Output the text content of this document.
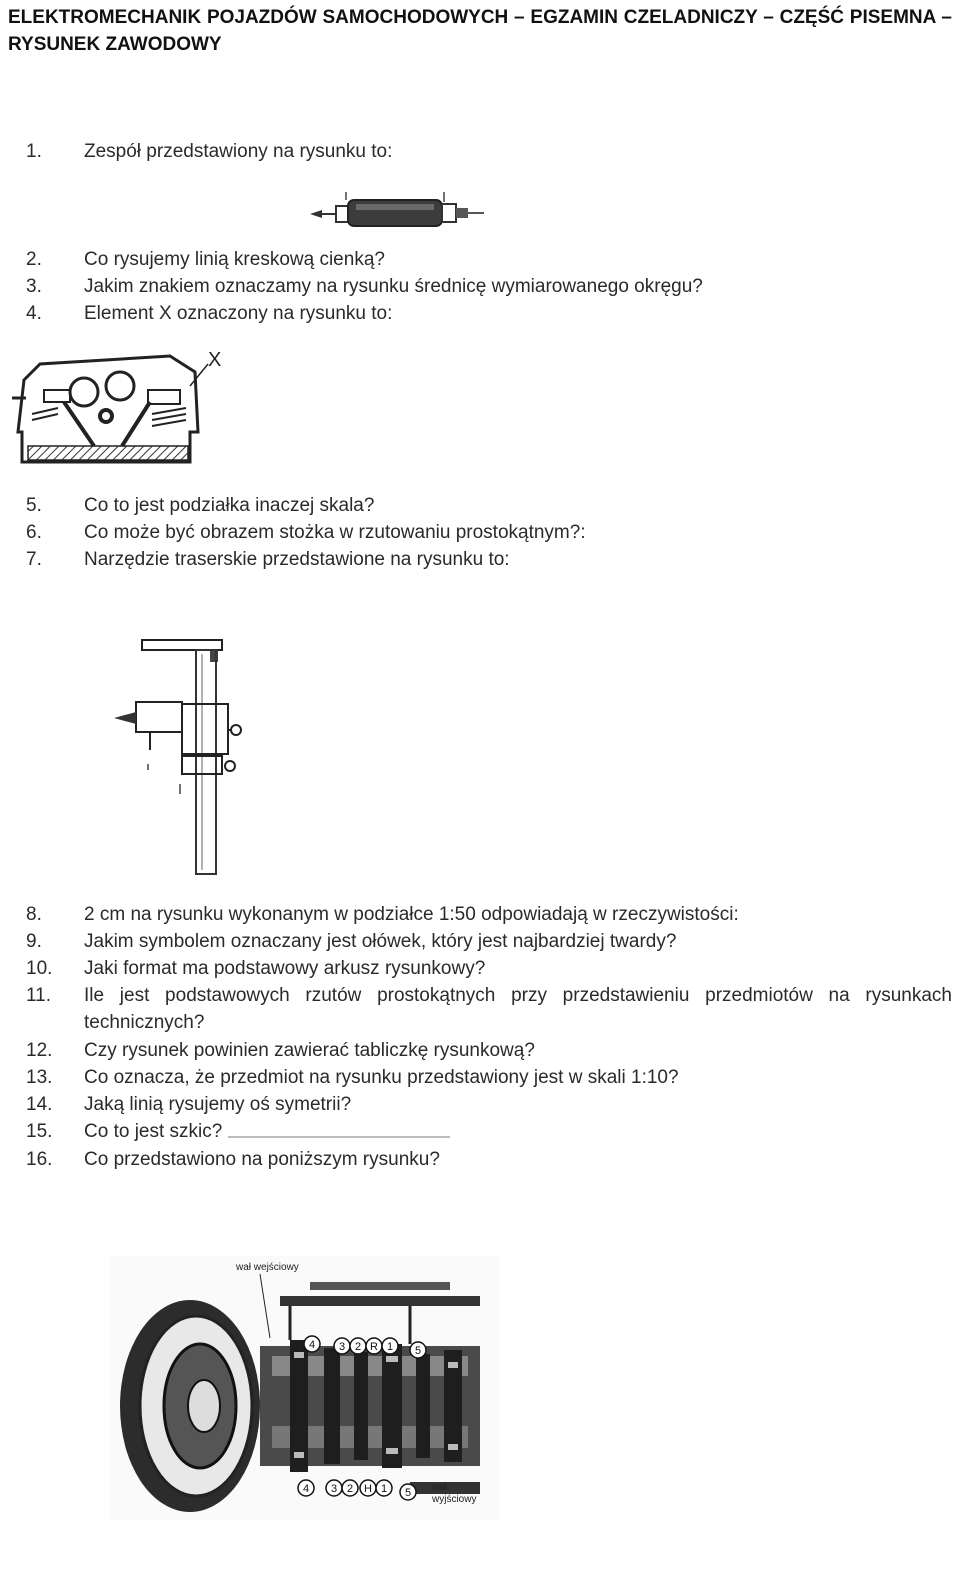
ELEKTROMECHANIK POJAZDÓW SAMOCHODOWYCH – EGZAMIN CZELADNICZY – CZĘŚĆ PISEMNA – RYSUNEK ZAWODOWY
1.	Zespół przedstawiony na rysunku to:
2.	Co rysujemy linią kreskową cienką?
3.	Jakim znakiem oznaczamy na rysunku średnicę wymiarowanego okręgu?
4.	Element X oznaczony na rysunku to:
X
5.	Co to jest podziałka inaczej skala?
6.	Co może być obrazem stożka w rzutowaniu prostokątnym?:
7.	Narzędzie traserskie przedstawione na rysunku to:
8.	2 cm na rysunku wykonanym w podziałce 1:50 odpowiadają w rzeczywistości:
9.	Jakim symbolem oznaczany jest ołówek, który jest najbardziej twardy?
10.	Jaki format ma podstawowy arkusz rysunkowy?
11.	Ile jest podstawowych rzutów prostokątnych przy przedstawieniu przedmiotów na rysunkach technicznych?
12.	Czy rysunek powinien zawierać tabliczkę rysunkową?
13.	Co oznacza, że przedmiot na rysunku przedstawiony jest w skali 1:10?
14.	Jaką linią rysujemy oś symetrii?
15.	Co to jest szkic?
16.	Co przedstawiono na poniższym rysunku?
wał wejściowy
wał
wyjściowy
4 3 2 R 1 5
4 3 2 H 1 5
